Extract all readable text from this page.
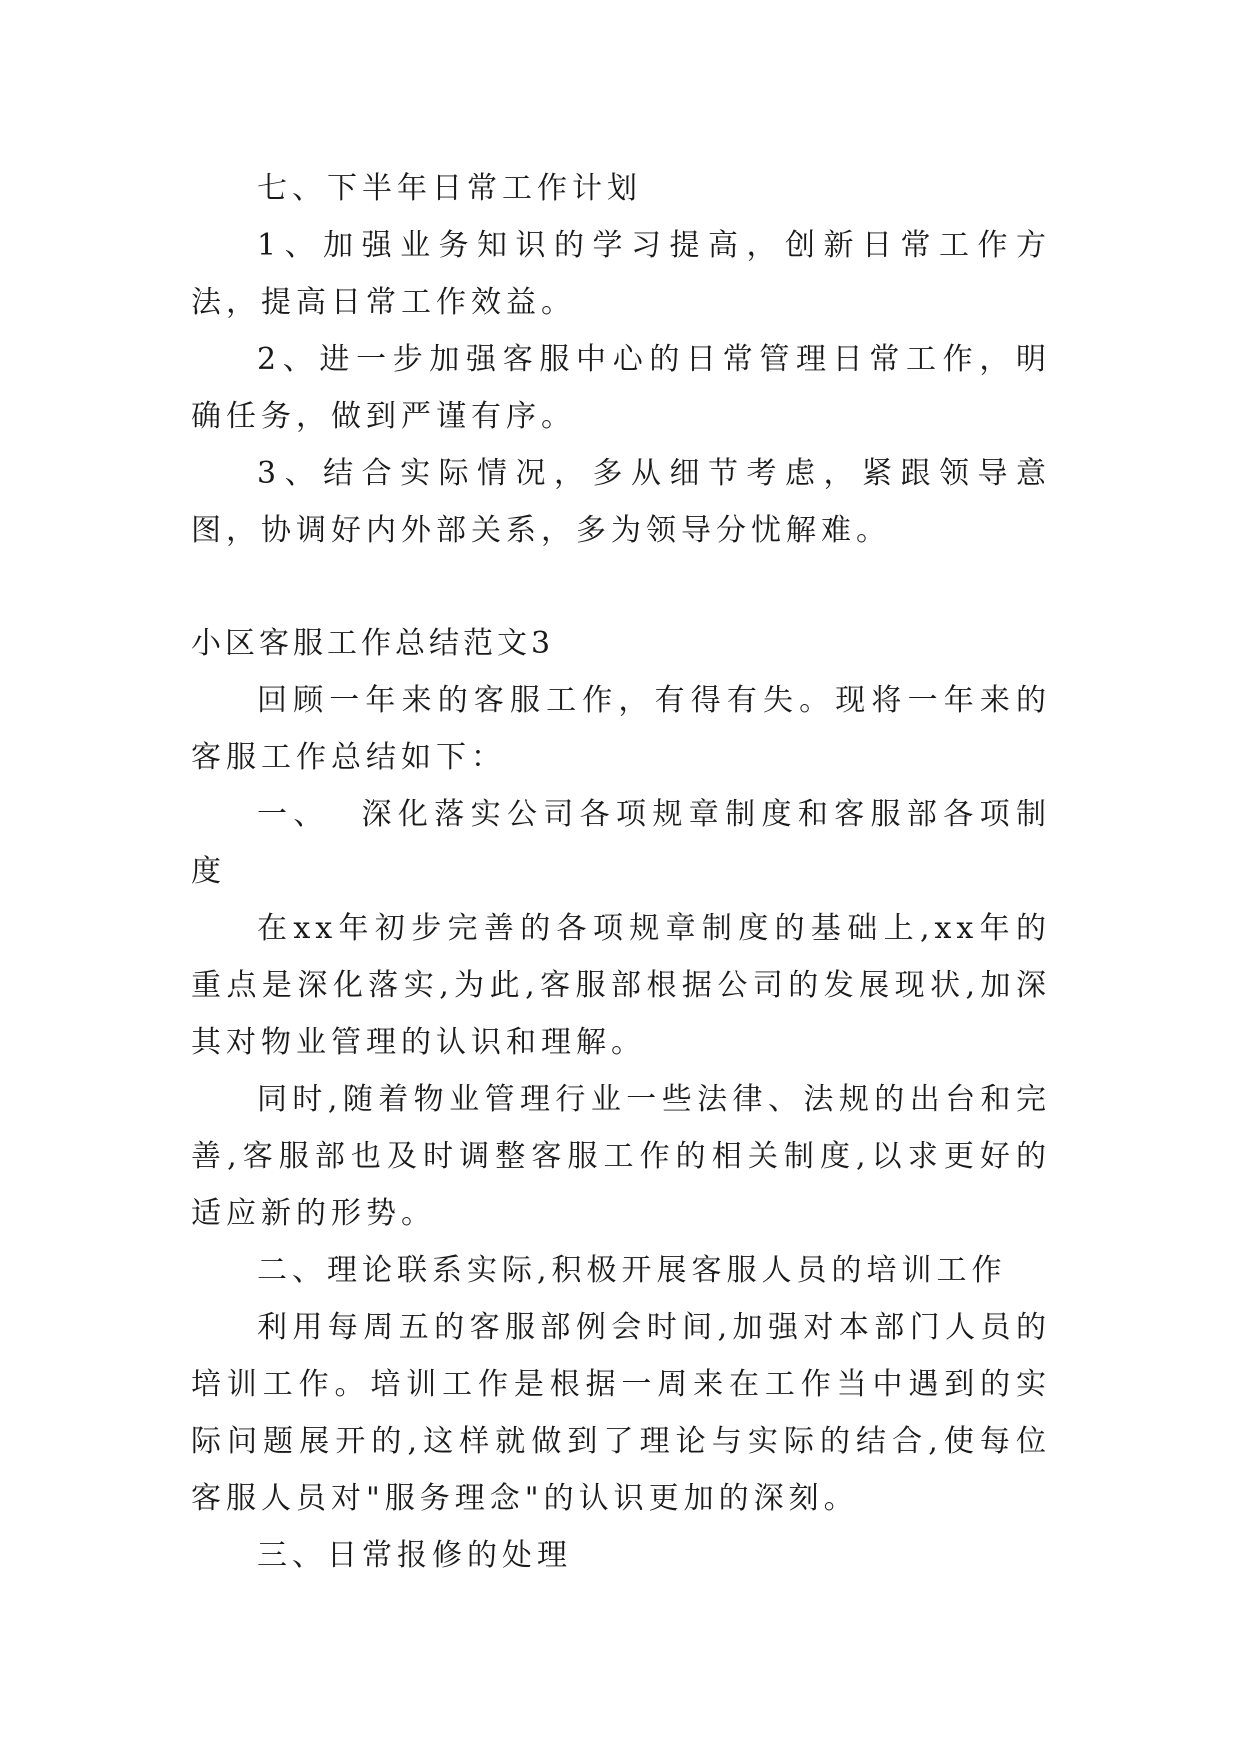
七、下半年日常工作计划

1、加强业务知识的学习提高，创新日常工作方法，提高日常工作效益。

2、进一步加强客服中心的日常管理日常工作，明确任务，做到严谨有序。

3、结合实际情况，多从细节考虑，紧跟领导意图，协调好内外部关系，多为领导分忧解难。

小区客服工作总结范文3

回顾一年来的客服工作，有得有失。现将一年来的客服工作总结如下：

一、  深化落实公司各项规章制度和客服部各项制度

在xx年初步完善的各项规章制度的基础上,xx年的重点是深化落实,为此,客服部根据公司的发展现状,加深其对物业管理的认识和理解。

同时,随着物业管理行业一些法律、法规的出台和完善,客服部也及时调整客服工作的相关制度,以求更好的适应新的形势。

二、理论联系实际,积极开展客服人员的培训工作

利用每周五的客服部例会时间,加强对本部门人员的培训工作。培训工作是根据一周来在工作当中遇到的实际问题展开的,这样就做到了理论与实际的结合,使每位客服人员对"服务理念"的认识更加的深刻。

三、日常报修的处理
